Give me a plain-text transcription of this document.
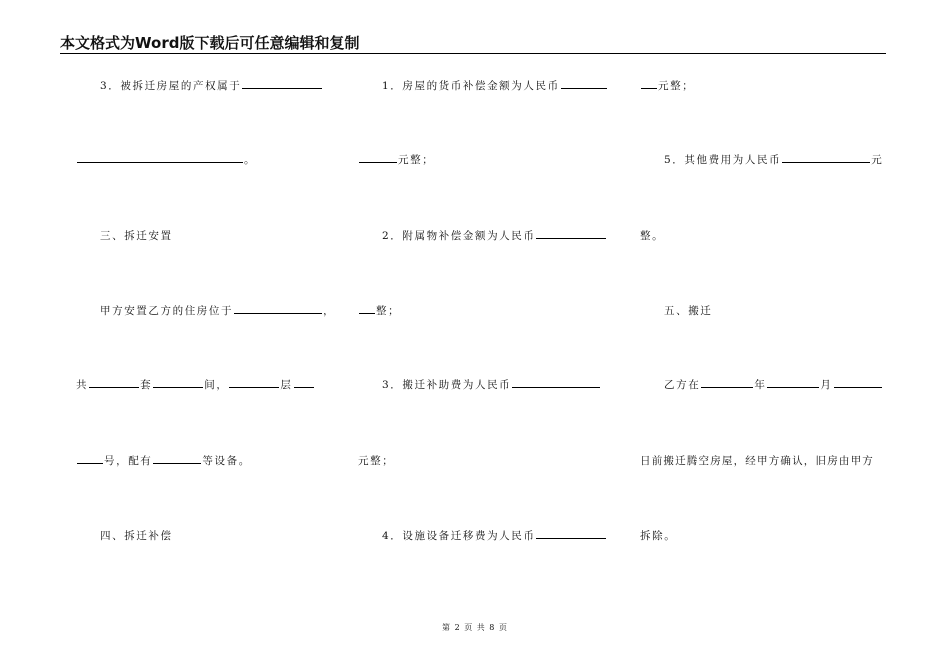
本文格式为Word版下载后可任意编辑和复制
3．被拆迁房屋的产权属于
。
三、拆迁安置
甲方安置乙方的住房位于	，
共	套	间，	层
号，配有	等设备。
四、拆迁补偿
1．房屋的货币补偿金额为人民币
元整；
2．附属物补偿金额为人民币
整；
3．搬迁补助费为人民币
元整；
4．设施设备迁移费为人民币
元整；
5．其他费用为人民币	元
整。
五、搬迁
乙方在	年	月
日前搬迁腾空房屋，经甲方确认，旧房由甲方
拆除。
第 2 页 共 8 页
